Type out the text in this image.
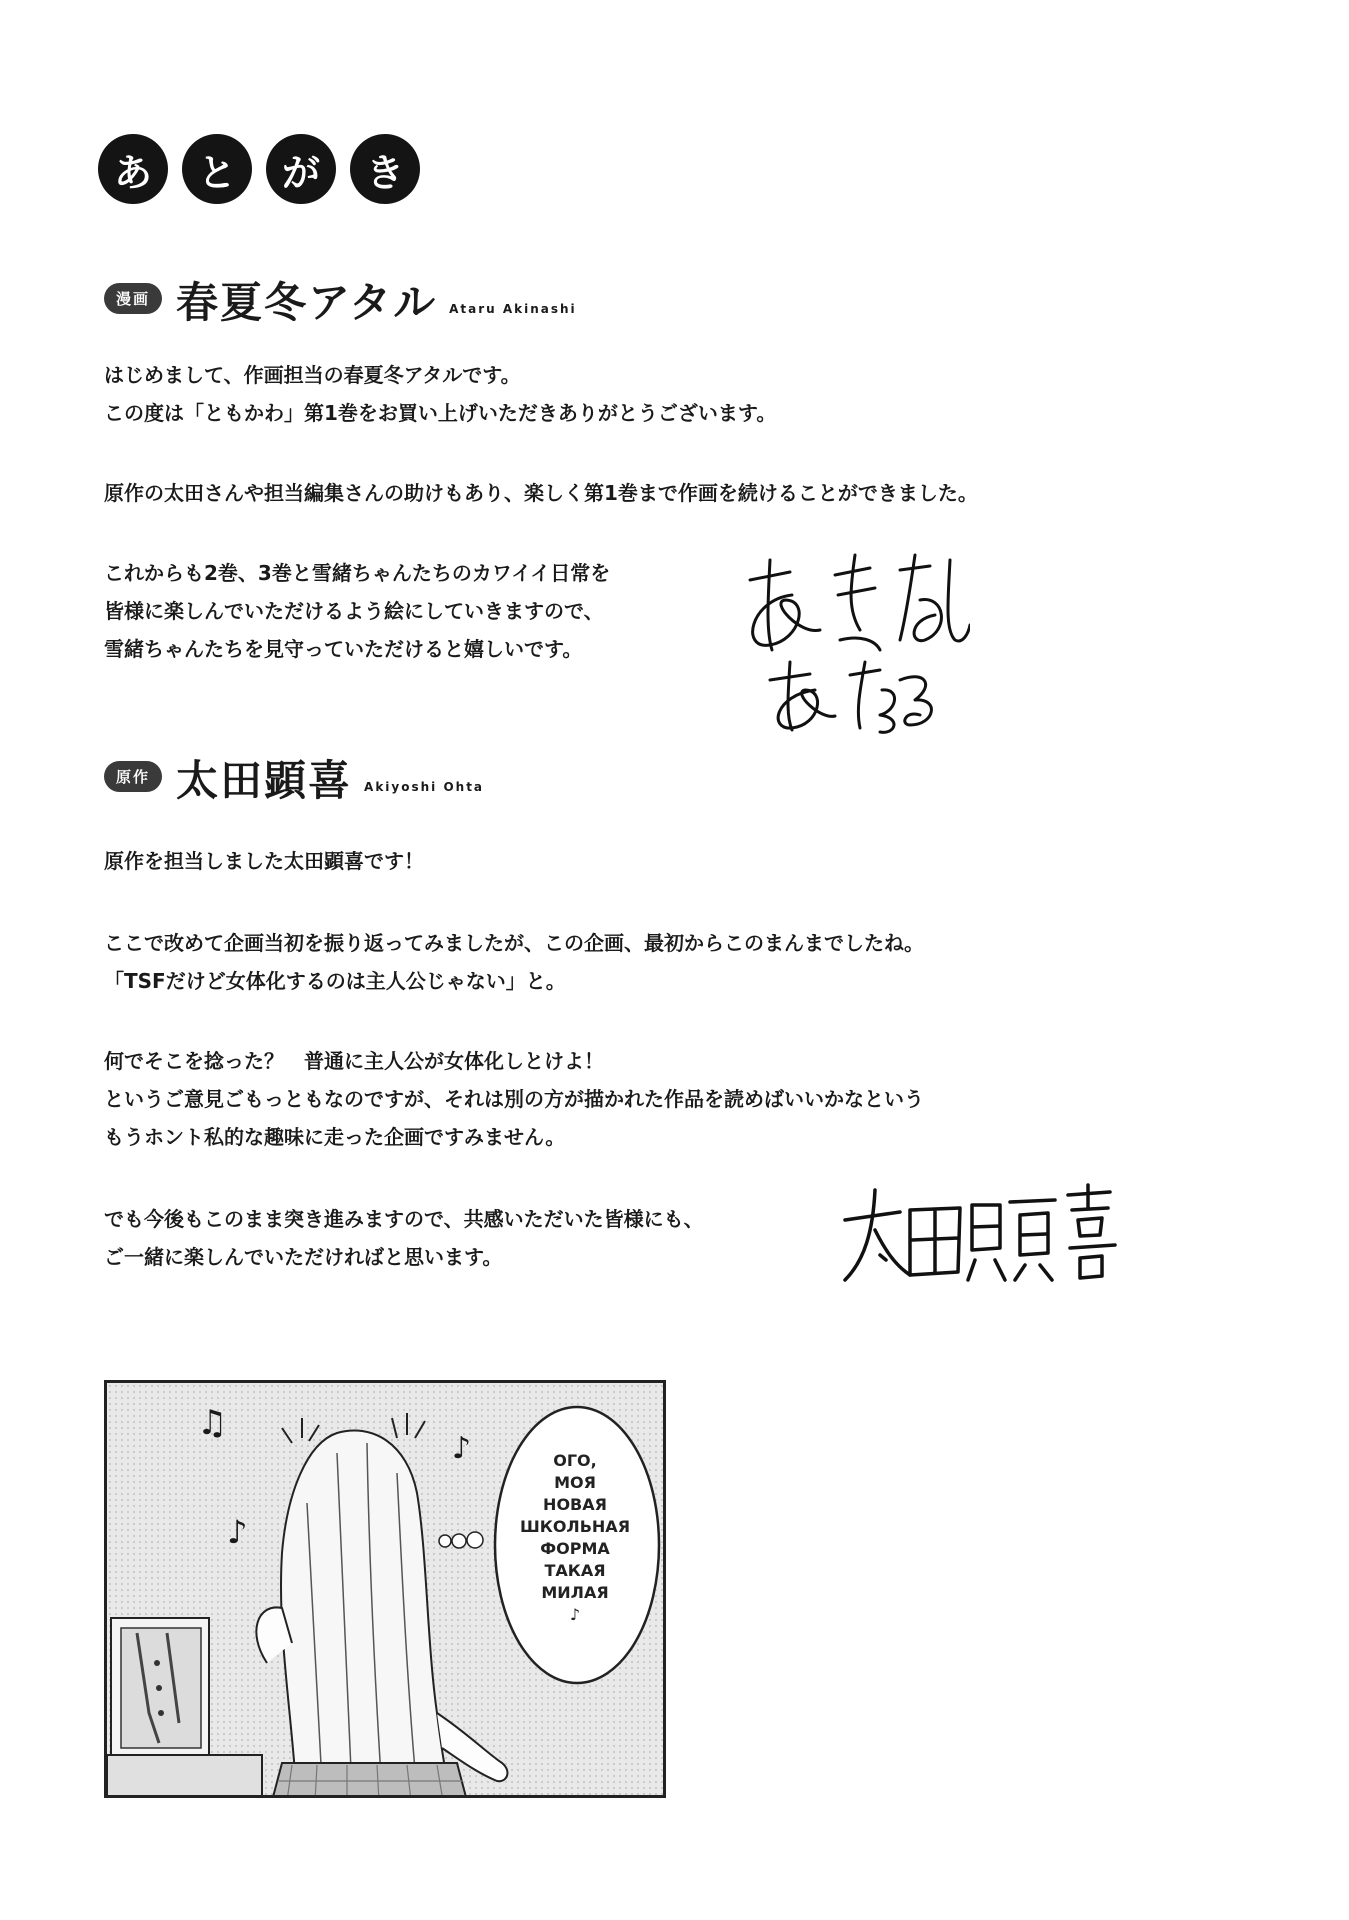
あ	と	が	き
漫画 春夏冬アタル Ataru Akinashi
はじめまして、作画担当の春夏冬アタルです。
この度は「ともかわ」第1巻をお買い上げいただきありがとうございます。
原作の太田さんや担当編集さんの助けもあり、楽しく第1巻まで作画を続けることができました。
これからも2巻、3巻と雪緒ちゃんたちのカワイイ日常を
皆様に楽しんでいただけるよう絵にしていきますので、
雪緒ちゃんたちを見守っていただけると嬉しいです。
原作 太田顕喜 Akiyoshi Ohta
原作を担当しました太田顕喜です！
ここで改めて企画当初を振り返ってみましたが、この企画、最初からこのまんまでしたね。
「TSFだけど女体化するのは主人公じゃない」と。
何でそこを捻った？　普通に主人公が女体化しとけよ！
というご意見ごもっともなのですが、それは別の方が描かれた作品を読めばいいかなという
もうホント私的な趣味に走った企画ですみません。
でも今後もこのまま突き進みますので、共感いただいた皆様にも、
ご一緒に楽しんでいただければと思います。
♫
♪
♪
ОГО,
МОЯ
НОВАЯ
ШКОЛЬНАЯ
ФОРМА
ТАКАЯ
МИЛАЯ
♪
